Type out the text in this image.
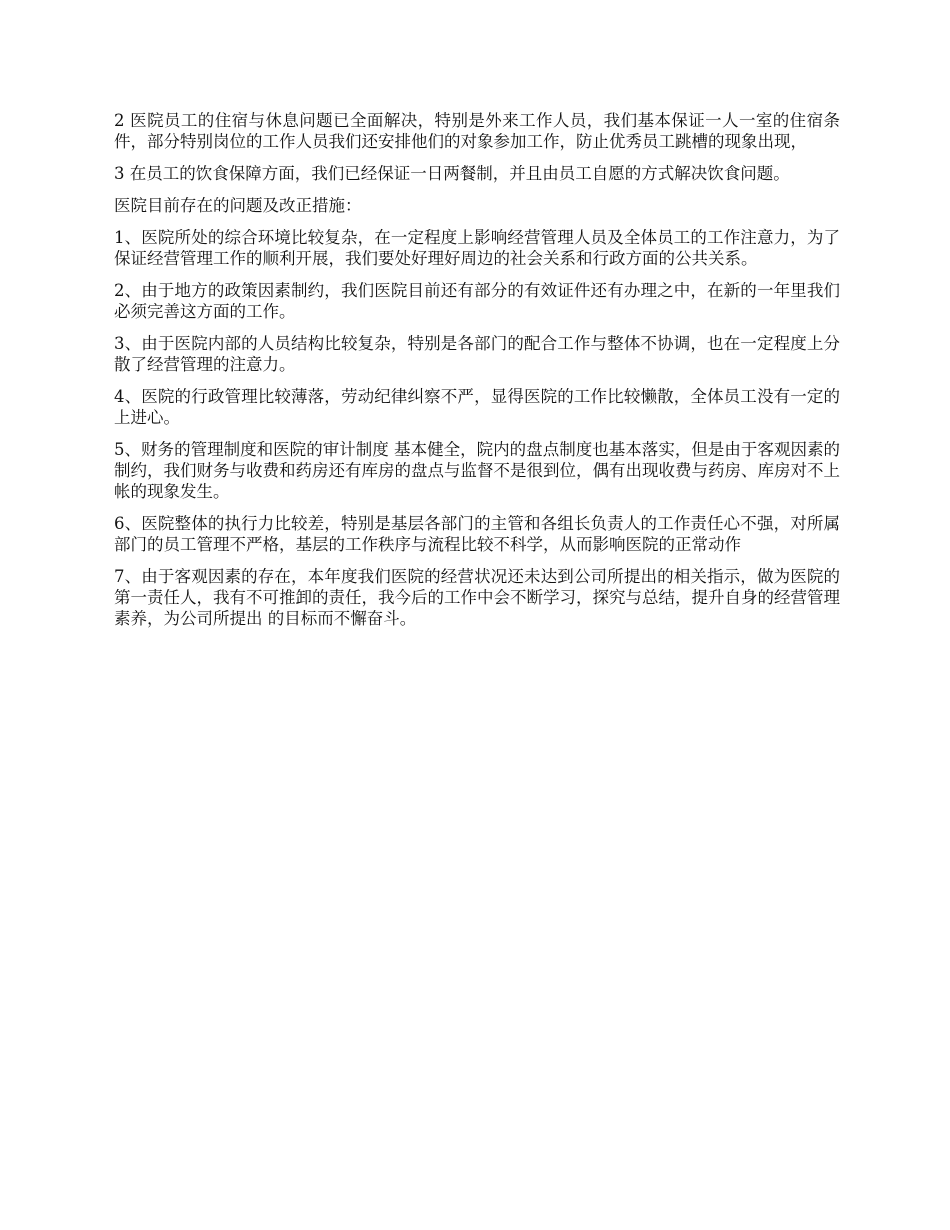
2 医院员工的住宿与休息问题已全面解决，特别是外来工作人员，我们基本保证一人一室的住宿条件，部分特别岗位的工作人员我们还安排他们的对象参加工作，防止优秀员工跳槽的现象出现，

3 在员工的饮食保障方面，我们已经保证一日两餐制，并且由员工自愿的方式解决饮食问题。

医院目前存在的问题及改正措施：

1、医院所处的综合环境比较复杂，在一定程度上影响经营管理人员及全体员工的工作注意力，为了保证经营管理工作的顺利开展，我们要处好理好周边的社会关系和行政方面的公共关系。

2、由于地方的政策因素制约，我们医院目前还有部分的有效证件还有办理之中，在新的一年里我们必须完善这方面的工作。

3、由于医院内部的人员结构比较复杂，特别是各部门的配合工作与整体不协调，也在一定程度上分散了经营管理的注意力。

4、医院的行政管理比较薄落，劳动纪律纠察不严，显得医院的工作比较懒散，全体员工没有一定的上进心。

5、财务的管理制度和医院的审计制度 基本健全，院内的盘点制度也基本落实，但是由于客观因素的制约，我们财务与收费和药房还有库房的盘点与监督不是很到位，偶有出现收费与药房、库房对不上帐的现象发生。

6、医院整体的执行力比较差，特别是基层各部门的主管和各组长负责人的工作责任心不强，对所属部门的员工管理不严格，基层的工作秩序与流程比较不科学，从而影响医院的正常动作

7、由于客观因素的存在，本年度我们医院的经营状况还未达到公司所提出的相关指示，做为医院的第一责任人，我有不可推卸的责任，我今后的工作中会不断学习，探究与总结，提升自身的经营管理素养，为公司所提出 的目标而不懈奋斗。
